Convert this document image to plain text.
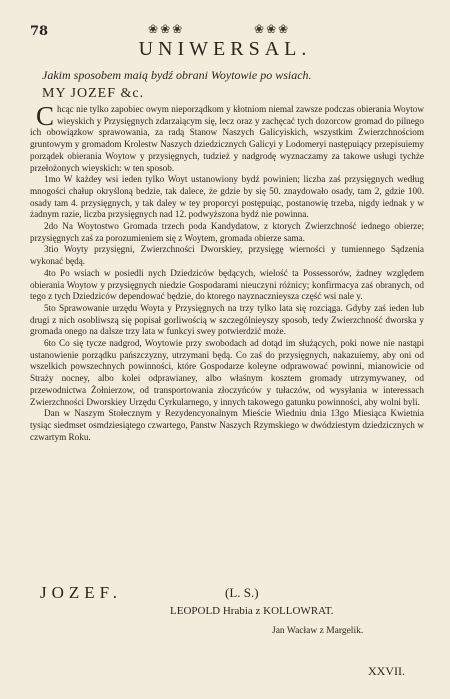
78	❀ ❀ ❀	❀ ❀ ❀
UNIWERSAL.
Jakim sposobem maią bydź obrani Woytowie po wsiach.
MY JOZEF &c.

Chcąc nie tylko zapobiec owym nieporządkom y kłotniom niemal zawsze podczas obierania Woytow wieyskich y Przysięgnych zdarzaiącym się, lecz oraz y zachęcać tych dozorcow gromad do pilnego ich obowiązkow sprawowania, za radą Stanow Naszych Galicyiskich, wszystkim Zwierzchnościom gruntowym y gromadom Krolestw Naszych dziedzicznych Galicyi y Lodomeryi następuiący przepisuiemy porządek obierania Woytow y przysięgnych, tudzież y nadgrodę wyznaczamy za takowe usługi tychże przełożonych wieyskich: w ten sposob.

1mo W każdey wsi ieden tylko Woyt ustanowiony bydź powinien; liczba zaś przysięgnych według mnogości chałup okryśloną bedzie, tak dalece, że gdzie by się 50. znaydowało osady, tam 2, gdzie 100. osady tam 4. przysięgnych, y tak daley w tey proporcyi postępuiąc, postanowię trzeba, nigdy iednak y w żadnym razie, liczba przysięgnych nad 12. podwyższona bydź nie powinna.

2do Na Woytostwo Gromada trzech poda Kandydatow, z ktorych Zwierzchność iednego obierze; przysięgnych zaś za porozumieniem się z Woytem, gromada obierze sama.

3tio Woyty przysięgni, Zwierzchności Dworskiey, przysięgę wierności y tumiennego Sądzenia wykonać będą.

4to Po wsiach w posiedli nych Dziedziców będących, wielość ta Possessorów, żadney względem obierania Woytow y przysięgnych niedzie Gospodarami nieuczyni różnicy; konfirmacya zaś obranych, od tego z tych Dziedziców dependować będzie, do ktorego nayznacznieysza część wsi nale y.

5to Sprawowanie urzędu Woyta y Przysięgnych na trzy tylko lata się rozciąga. Gdyby zaś ieden lub drugi z nich osobliwszą się popisał gorliwością w szczególnieyszy sposob, tedy Zwierzchność dworska y gromada onego na dalsze trzy lata w funkcyi swey potwierdzić może.

6to Co się tycze nadgrod, Woytowie przy swobodach ad dotąd im służących, poki nowe nie nastąpi ustanowienie porządku pańszczyzny, utrzymani będą. Co zaś do przysięgnych, nakazuiemy, aby oni od wszelkich powszechnych powinności, które Gospodarze koleyne odprawować powinni, mianowicie od Straży nocney, albo kolei odprawianey, albo właśnym kosztem gromady utrzymywaney, od przewodnictwa Żołnierzow, od transportowania złoczyńców y tułaczów, od wysyłania w interessach Zwierzchności Dworskiey Urzędu Cyrkularnego, y innych takowego gatunku powinności, aby wolni byli.

Dan w Naszym Stołecznym y Rezydencyonalnym Mieście Wiedniu dnia 13go Miesiąca Kwietnia tysiąc siedmset osmdziesiątego czwartego, Panstw Naszych Rzymskiego w dwódziestym dziedzicznych w czwartym Roku.

JOZEF.	(L. S.)
LEOPOLD Hrabia z KOLLOWRAT.
Jan Wacław z Margelik.
XXVII.
